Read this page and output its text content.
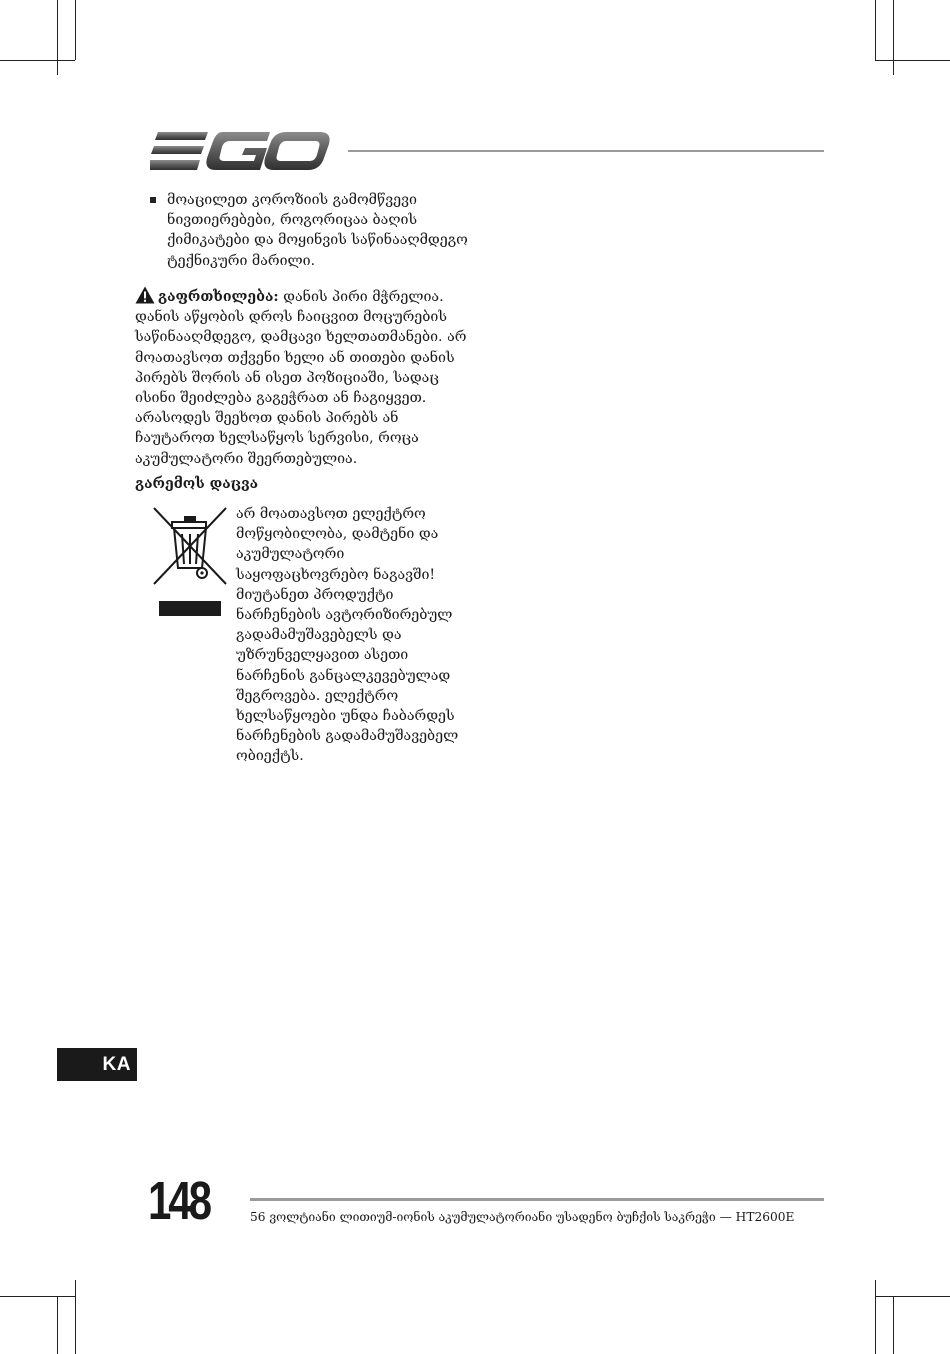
მოაცილეთ კოროზიის გამომწვევი ნივთიერებები, როგორიცაა ბაღის ქიმიკატები და მოყინვის საწინააღმდეგო ტექნიკური მარილი.
გაფრთხილება: დანის პირი მჭრელია. დანის აწყობის დროს ჩაიცვით მოცურების საწინააღმდეგო, დამცავი ხელთათმანები. არ მოათავსოთ თქვენი ხელი ან თითები დანის პირებს შორის ან ისეთ პოზიციაში, სადაც ისინი შეიძლება გაგეჭრათ ან ჩაგიყვეთ. არასოდეს შეეხოთ დანის პირებს ან ჩაუტაროთ ხელსაწყოს სერვისი, როცა აკუმულატორი შეერთებულია.
გარემოს დაცვა
არ მოათავსოთ ელექტრო მოწყობილობა, დამტენი და აკუმულატორი საყოფაცხოვრებო ნაგავში! მიუტანეთ პროდუქტი ნარჩენების ავტორიზირებულ გადამამუშავებელს და უზრუნველყავით ასეთი ნარჩენის განცალკევებულად შეგროვება. ელექტრო ხელსაწყოები უნდა ჩაბარდეს ნარჩენების გადამამუშავებელ ობიექტს.
KA
148	56 ვოლტიანი ლითიუმ-იონის აკუმულატორიანი უსადენო ბუჩქის საკრეჭი — HT2600E
